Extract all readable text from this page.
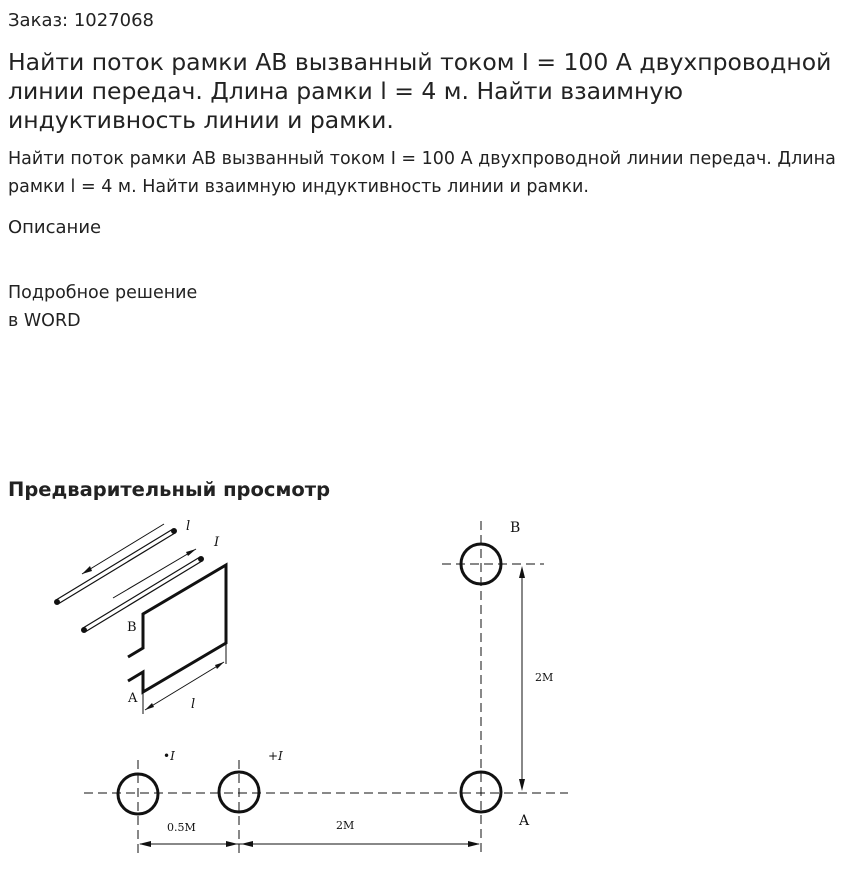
Заказ: 1027068
Найти поток рамки АВ вызванный током I = 100 А двухпроводной линии передач. Длина рамки l = 4 м. Найти взаимную индуктивность линии и рамки.

Найти поток рамки АВ вызванный током I = 100 А двухпроводной линии передач. Длина рамки l = 4 м. Найти взаимную индуктивность линии и рамки.

Описание
Подробное решение
в WORD
Предварительный просмотр
l
I
B
A	l
B
A
•I	+I
2M
0.5M	2M
